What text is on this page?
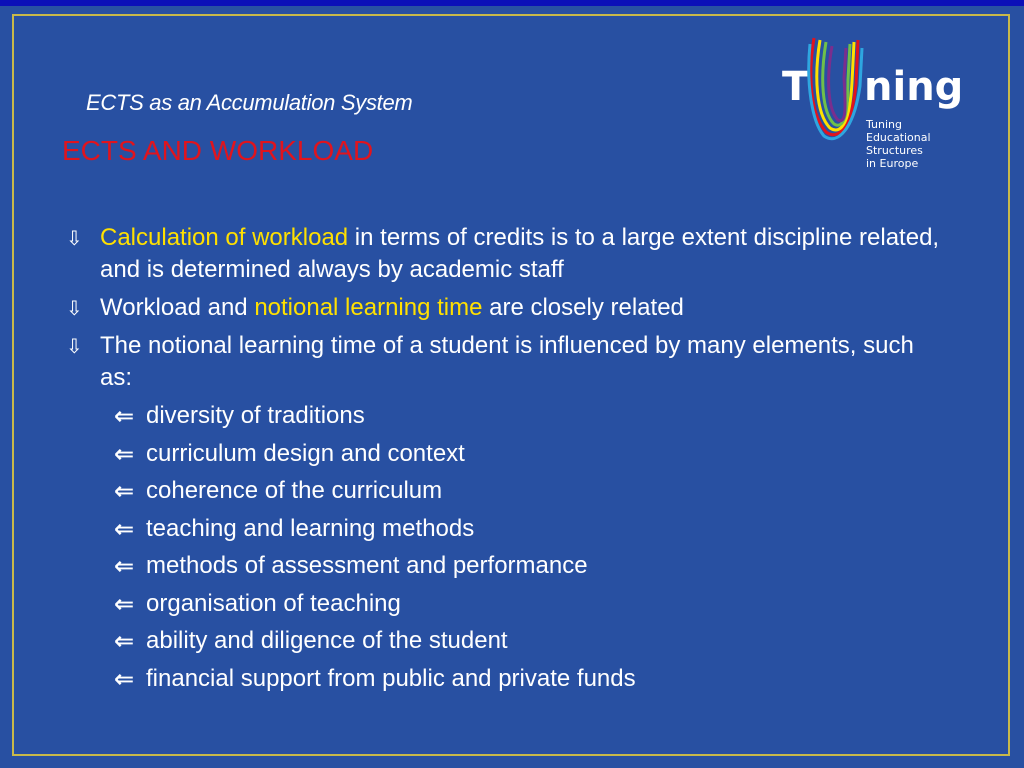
ECTS as an Accumulation System
ECTS AND WORKLOAD
T ning
Tuning
Educational Structures
in Europe
⇩ Calculation of workload in terms of credits is to a large extent discipline related, and is determined always by academic staff
⇩ Workload and notional learning time are closely related
⇩ The notional learning time of a student is influenced by many elements, such as:
⇐ diversity of traditions
⇐ curriculum design and context
⇐ coherence of the curriculum
⇐ teaching and learning methods
⇐ methods of assessment and performance
⇐ organisation of teaching
⇐ ability and diligence of the student
⇐ financial support from public and private funds
